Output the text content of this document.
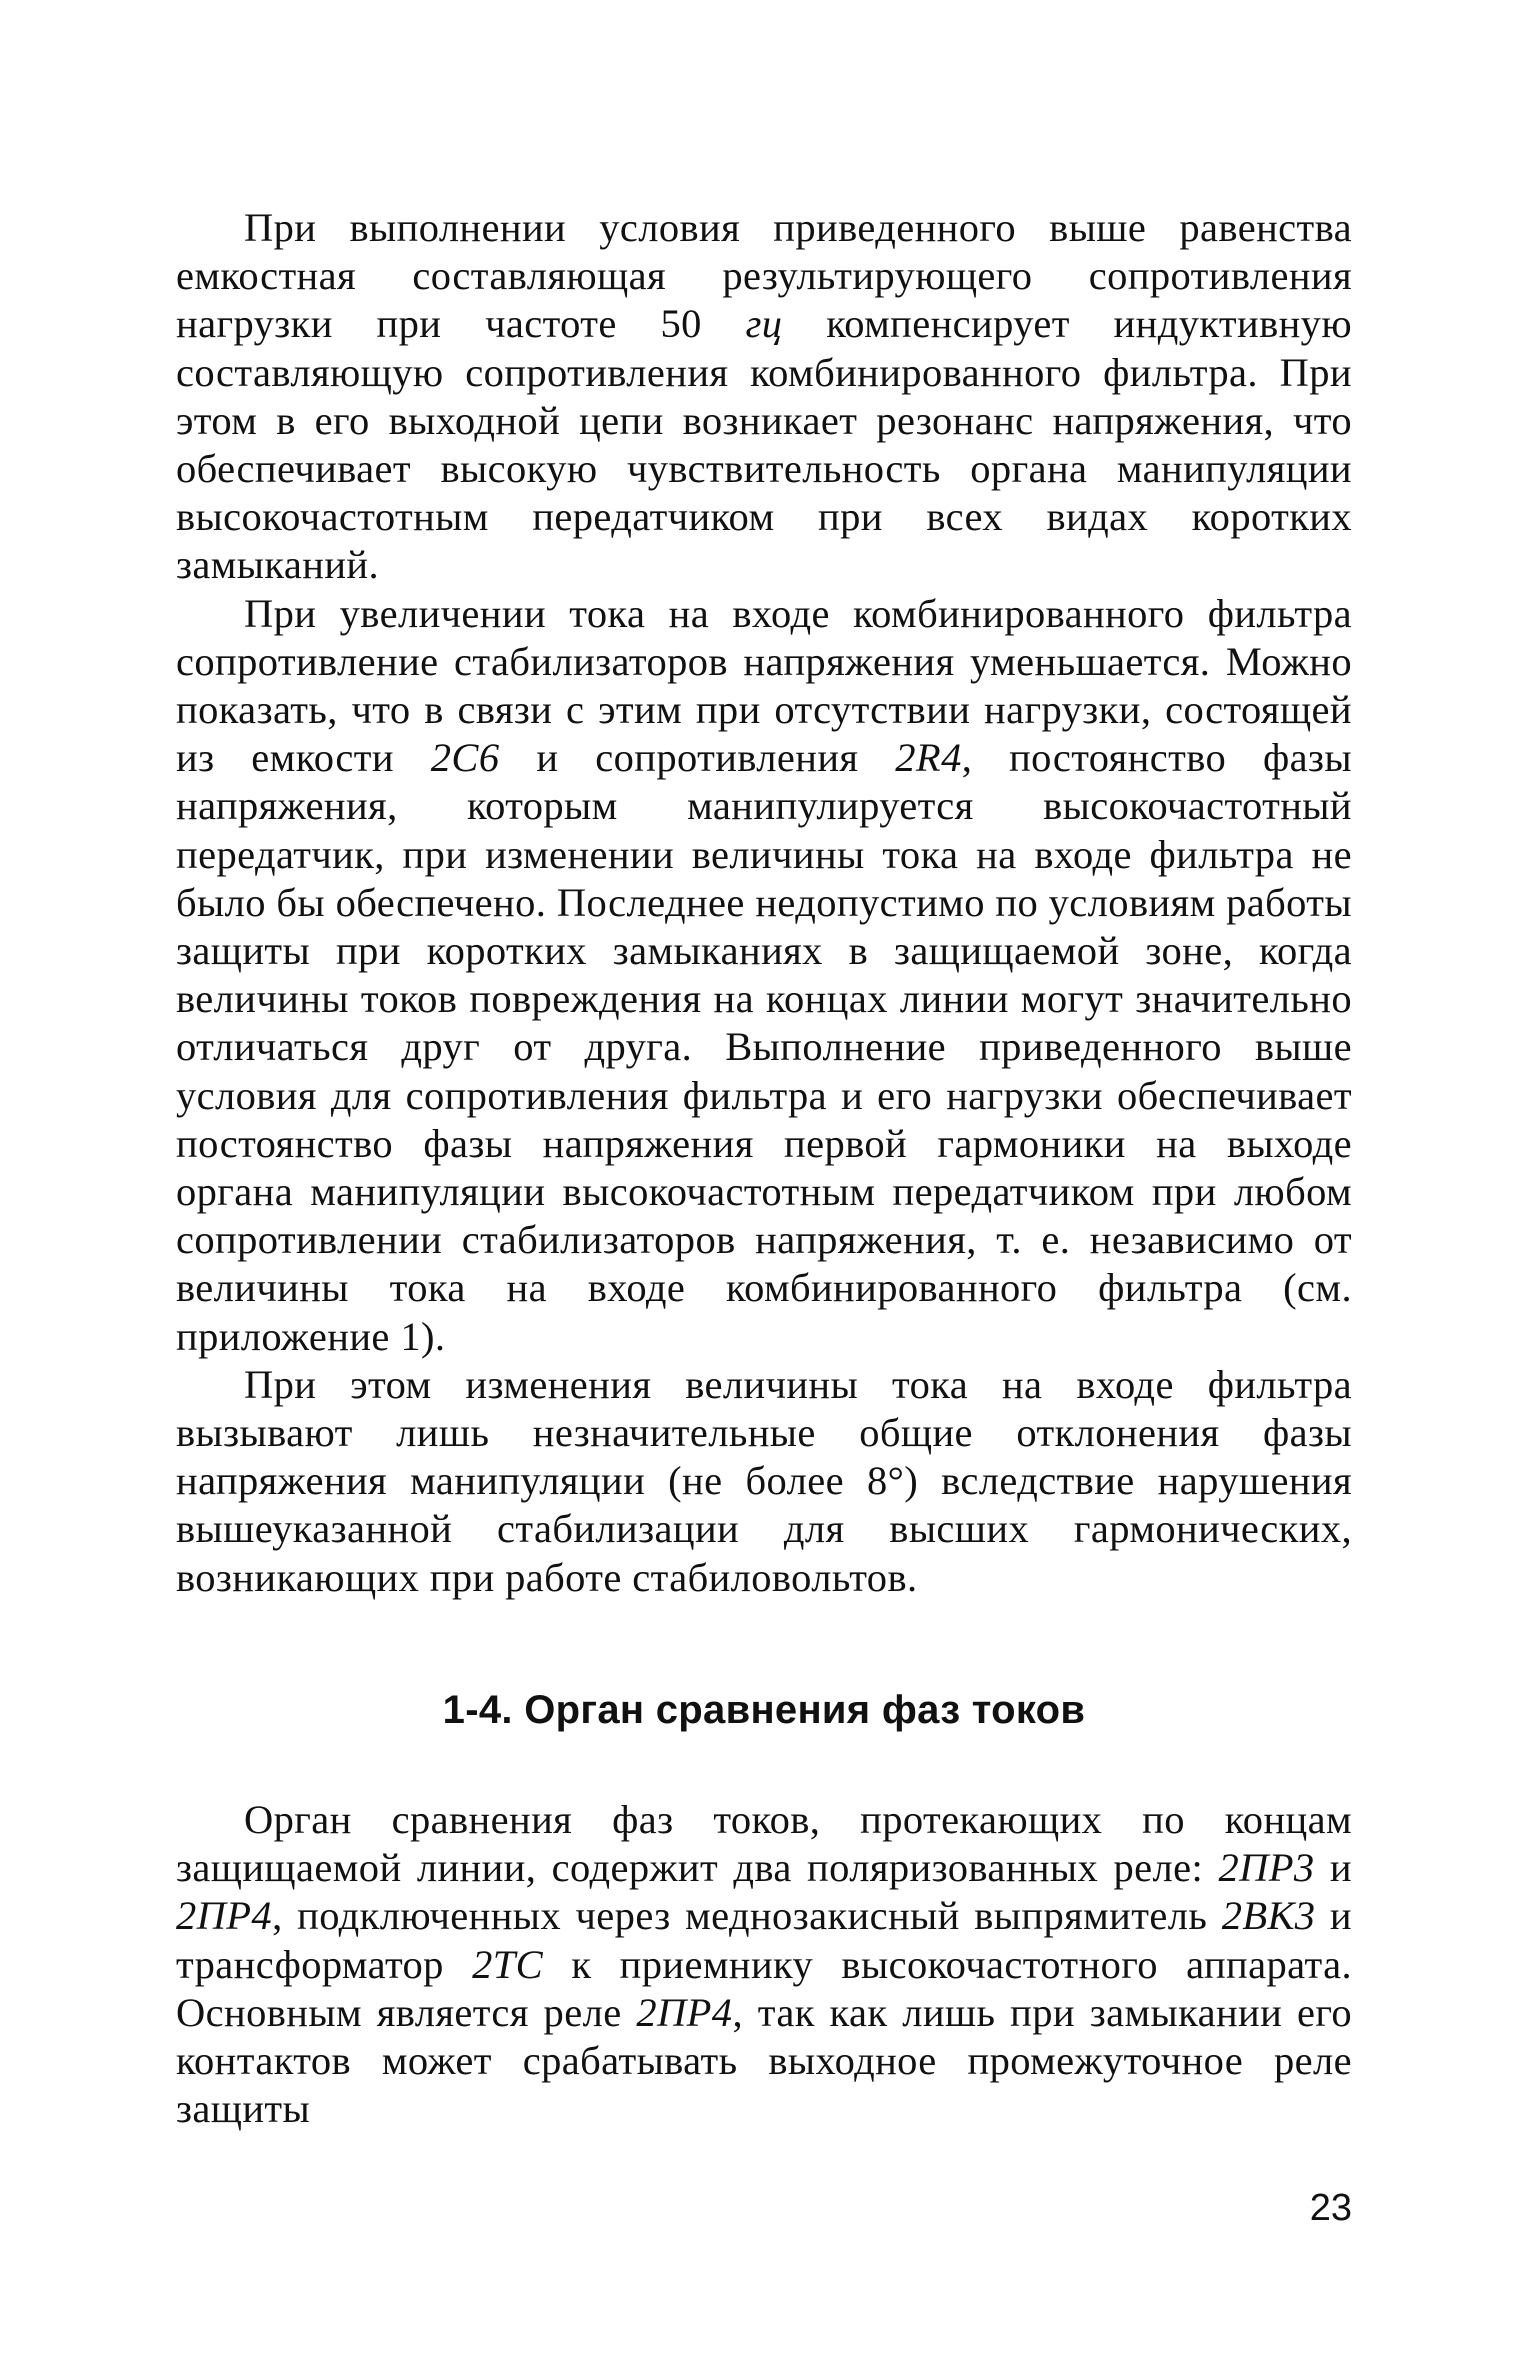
При выполнении условия приведенного выше равенства емкостная составляющая результирующего сопротивления нагрузки при частоте 50 гц компенсирует индуктивную составляющую сопротивления комбинированного фильтра. При этом в его выходной цепи возникает резонанс напряжения, что обеспечивает высокую чувствительность органа манипуляции высокочастотным передатчиком при всех видах коротких замыканий.

При увеличении тока на входе комбинированного фильтра сопротивление стабилизаторов напряжения уменьшается. Можно показать, что в связи с этим при отсутствии нагрузки, состоящей из емкости 2С6 и сопротивления 2R4, постоянство фазы напряжения, которым манипулируется высокочастотный передатчик, при изменении величины тока на входе фильтра не было бы обеспечено. Последнее недопустимо по условиям работы защиты при коротких замыканиях в защищаемой зоне, когда величины токов повреждения на концах линии могут значительно отличаться друг от друга. Выполнение приведенного выше условия для сопротивления фильтра и его нагрузки обеспечивает постоянство фазы напряжения первой гармоники на выходе органа манипуляции высокочастотным передатчиком при любом сопротивлении стабилизаторов напряжения, т. е. независимо от величины тока на входе комбинированного фильтра (см. приложение 1).

При этом изменения величины тока на входе фильтра вызывают лишь незначительные общие отклонения фазы напряжения манипуляции (не более 8°) вследствие нарушения вышеуказанной стабилизации для высших гармонических, возникающих при работе стабиловольтов.

1-4. Орган сравнения фаз токов

Орган сравнения фаз токов, протекающих по концам защищаемой линии, содержит два поляризованных реле: 2ПР3 и 2ПР4, подключенных через меднозакисный выпрямитель 2ВК3 и трансформатор 2ТС к приемнику высокочастотного аппарата. Основным является реле 2ПР4, так как лишь при замыкании его контактов может срабатывать выходное промежуточное реле защиты

23
